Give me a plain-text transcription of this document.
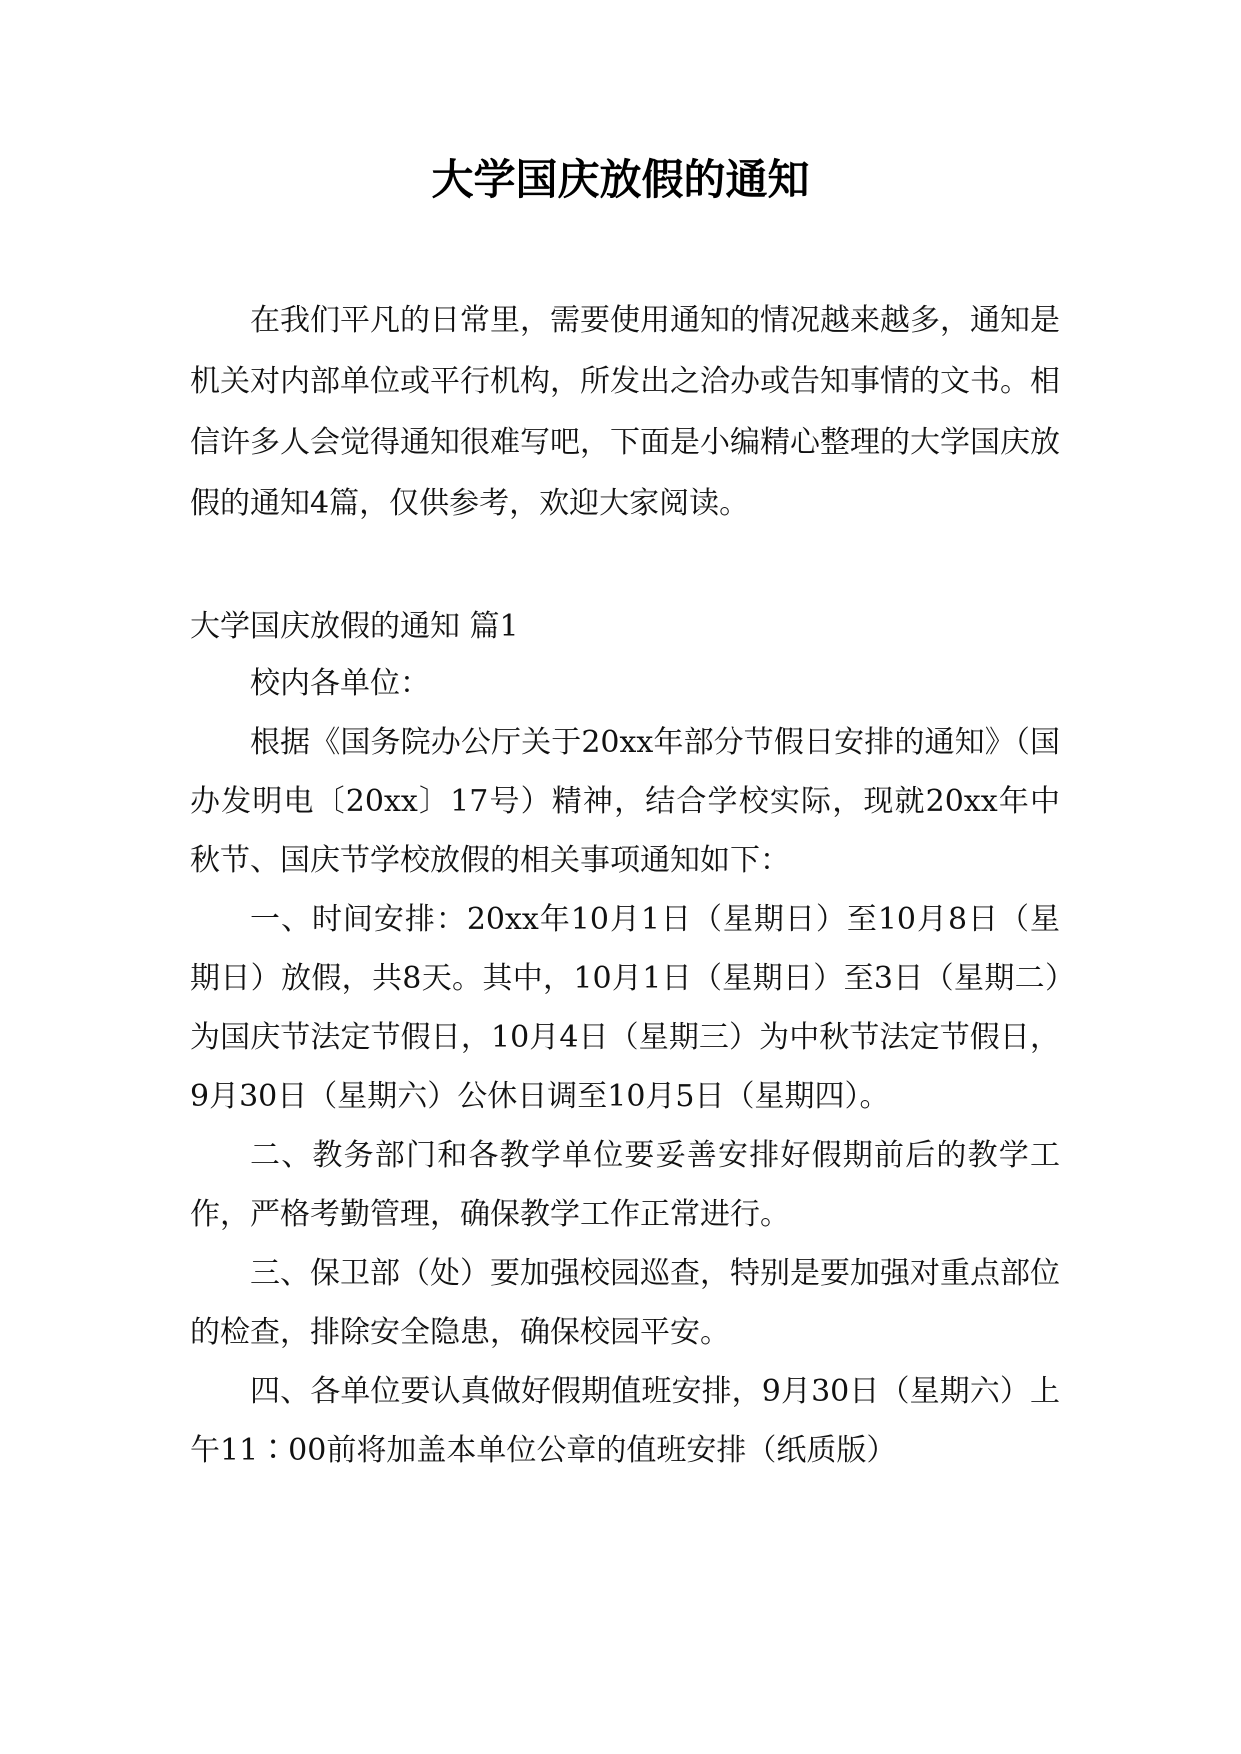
大学国庆放假的通知

在我们平凡的日常里，需要使用通知的情况越来越多，通知是机关对内部单位或平行机构，所发出之洽办或告知事情的文书。相信许多人会觉得通知很难写吧，下面是小编精心整理的大学国庆放假的通知4篇，仅供参考，欢迎大家阅读。

大学国庆放假的通知 篇1

校内各单位：

根据《国务院办公厅关于20xx年部分节假日安排的通知》（国办发明电〔20xx〕17号）精神，结合学校实际，现就20xx年中秋节、国庆节学校放假的相关事项通知如下：

一、时间安排：20xx年10月1日（星期日）至10月8日（星期日）放假，共8天。其中，10月1日（星期日）至3日（星期二）为国庆节法定节假日，10月4日（星期三）为中秋节法定节假日，9月30日（星期六）公休日调至10月5日（星期四）。

二、教务部门和各教学单位要妥善安排好假期前后的教学工作，严格考勤管理，确保教学工作正常进行。

三、保卫部（处）要加强校园巡查，特别是要加强对重点部位的检查，排除安全隐患，确保校园平安。

四、各单位要认真做好假期值班安排，9月30日（星期六）上午11∶00前将加盖本单位公章的值班安排（纸质版）
